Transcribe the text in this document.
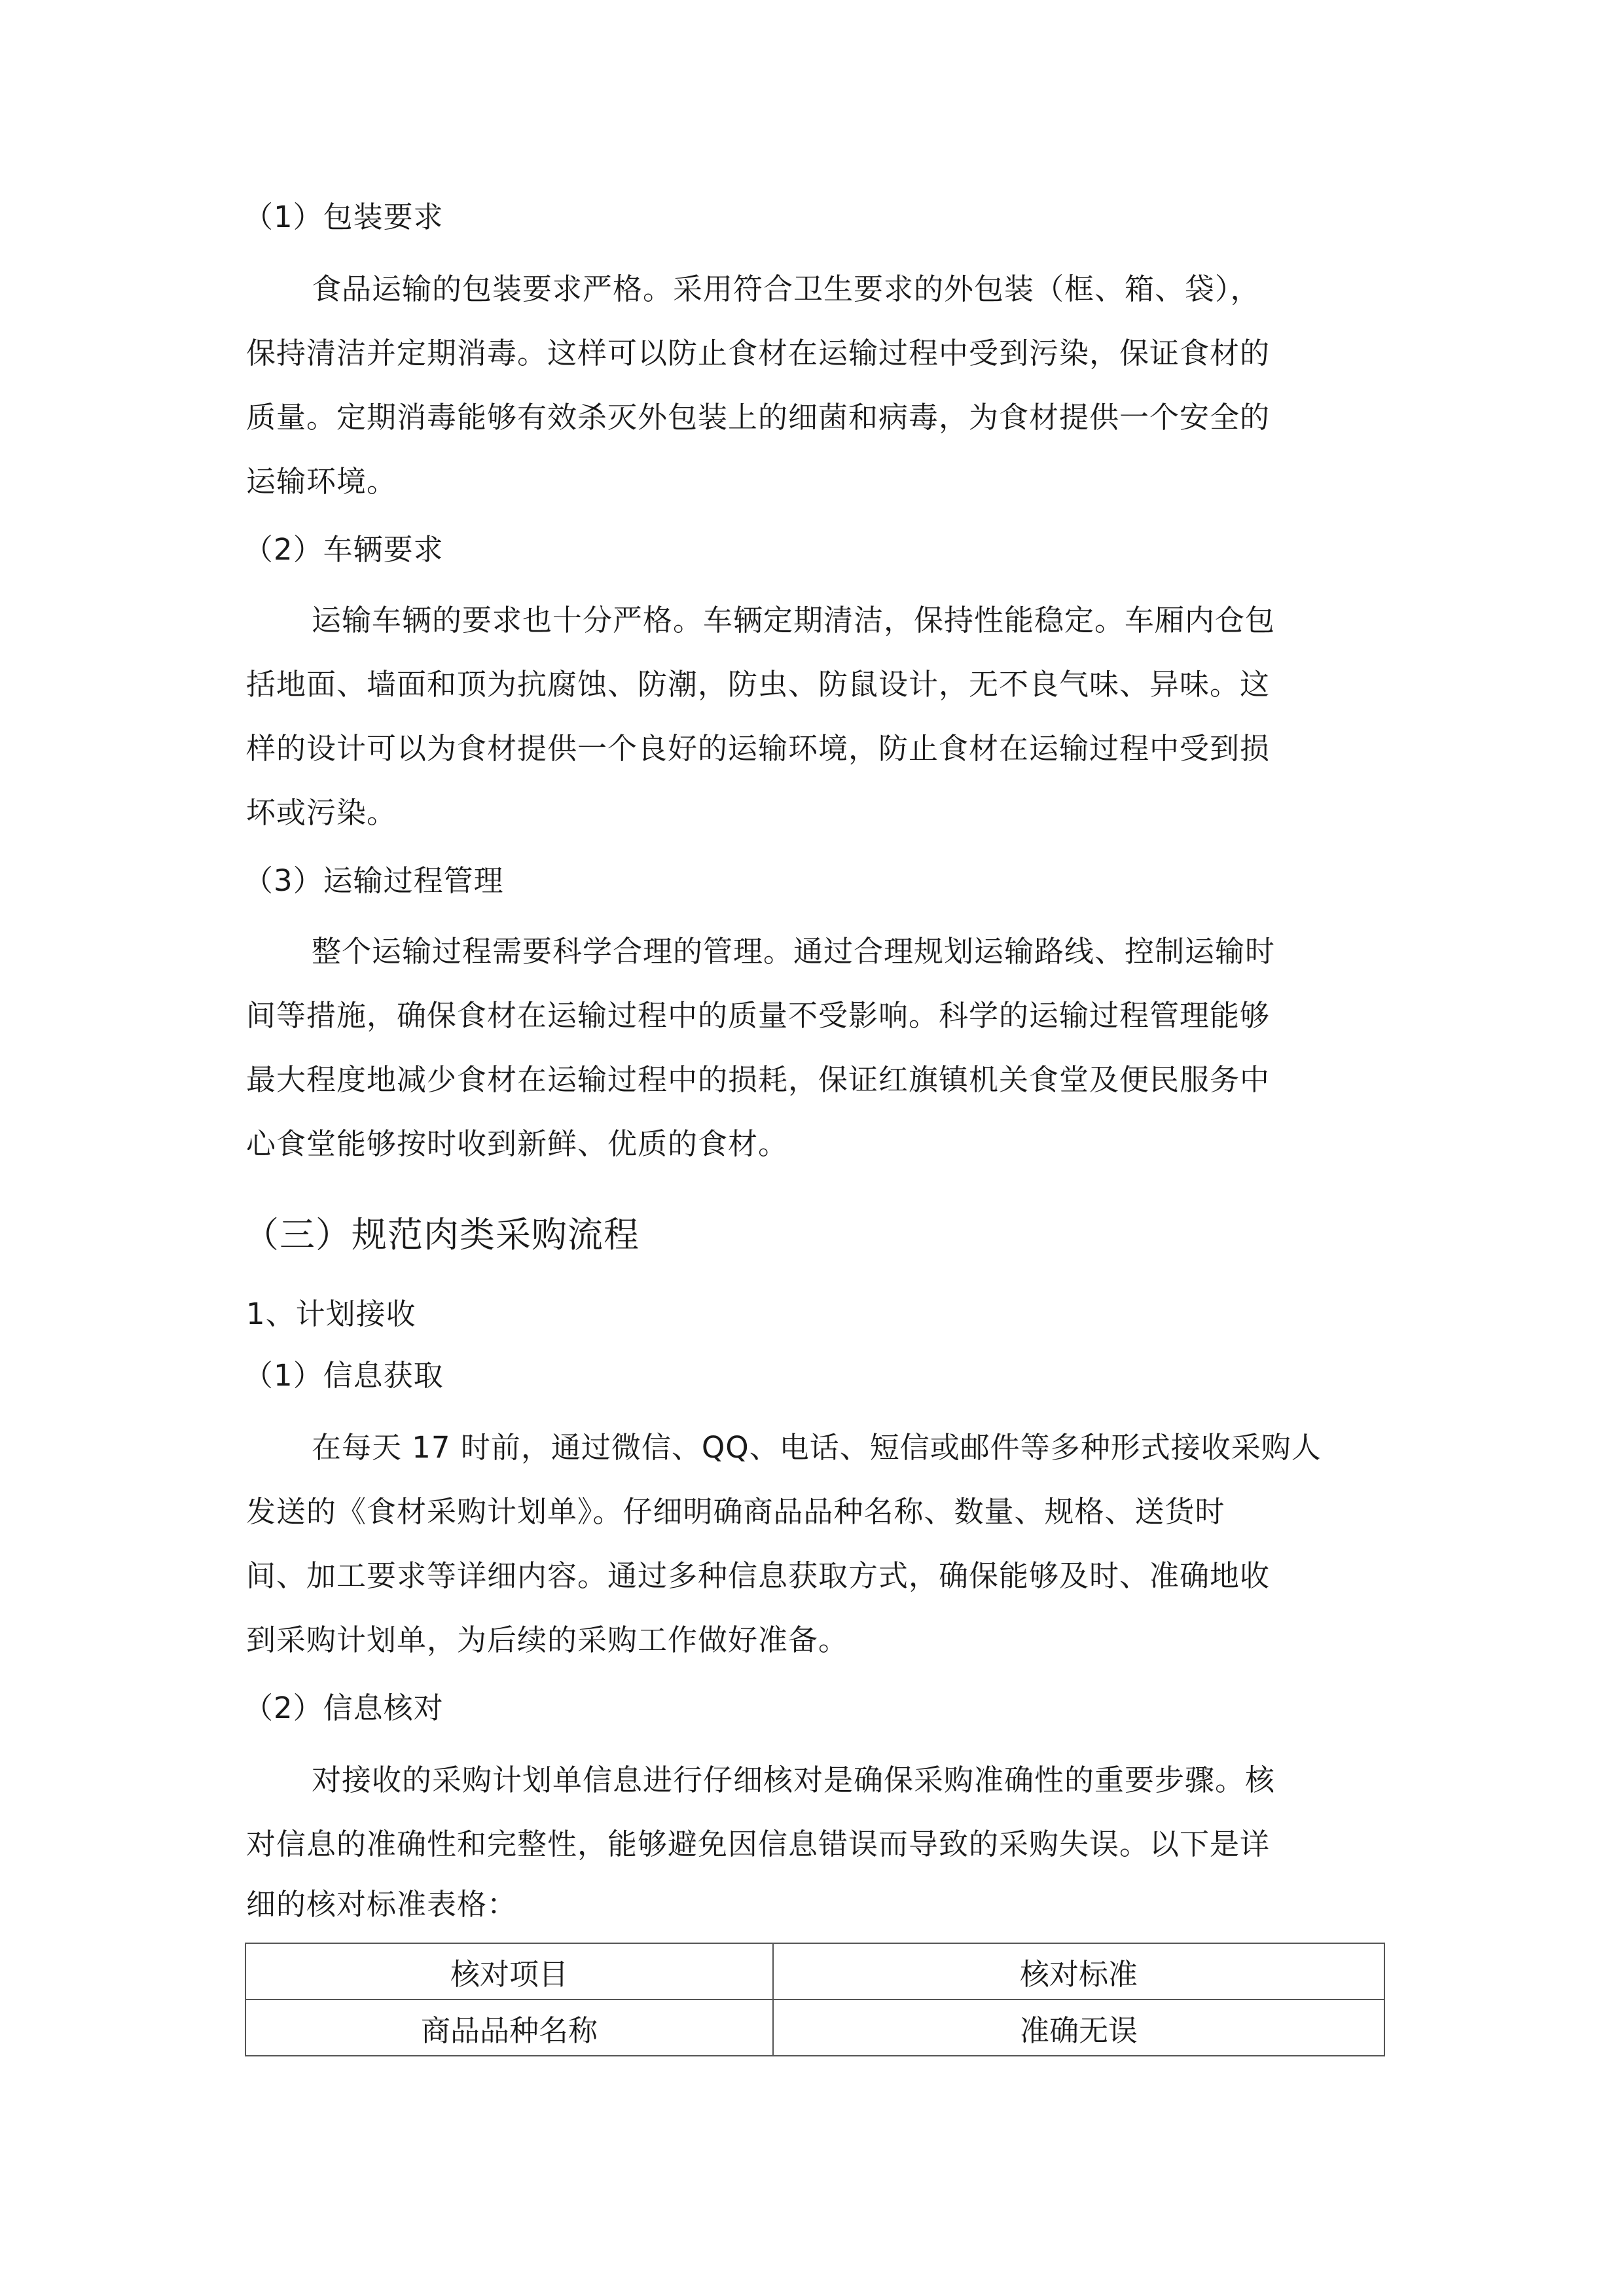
（1）包装要求
食品运输的包装要求严格。采用符合卫生要求的外包装（框、箱、袋），
保持清洁并定期消毒。这样可以防止食材在运输过程中受到污染，保证食材的
质量。定期消毒能够有效杀灭外包装上的细菌和病毒，为食材提供一个安全的
运输环境。
（2）车辆要求
运输车辆的要求也十分严格。车辆定期清洁，保持性能稳定。车厢内仓包
括地面、墙面和顶为抗腐蚀、防潮，防虫、防鼠设计，无不良气味、异味。这
样的设计可以为食材提供一个良好的运输环境，防止食材在运输过程中受到损
坏或污染。
（3）运输过程管理
整个运输过程需要科学合理的管理。通过合理规划运输路线、控制运输时
间等措施，确保食材在运输过程中的质量不受影响。科学的运输过程管理能够
最大程度地减少食材在运输过程中的损耗，保证红旗镇机关食堂及便民服务中
心食堂能够按时收到新鲜、优质的食材。
（三）规范肉类采购流程
1、计划接收
（1）信息获取
在每天 17 时前，通过微信、QQ、电话、短信或邮件等多种形式接收采购人
发送的《食材采购计划单》。仔细明确商品品种名称、数量、规格、送货时
间、加工要求等详细内容。通过多种信息获取方式，确保能够及时、准确地收
到采购计划单，为后续的采购工作做好准备。
（2）信息核对
对接收的采购计划单信息进行仔细核对是确保采购准确性的重要步骤。核
对信息的准确性和完整性，能够避免因信息错误而导致的采购失误。以下是详
细的核对标准表格：
核对项目	核对标准
商品品种名称	准确无误
